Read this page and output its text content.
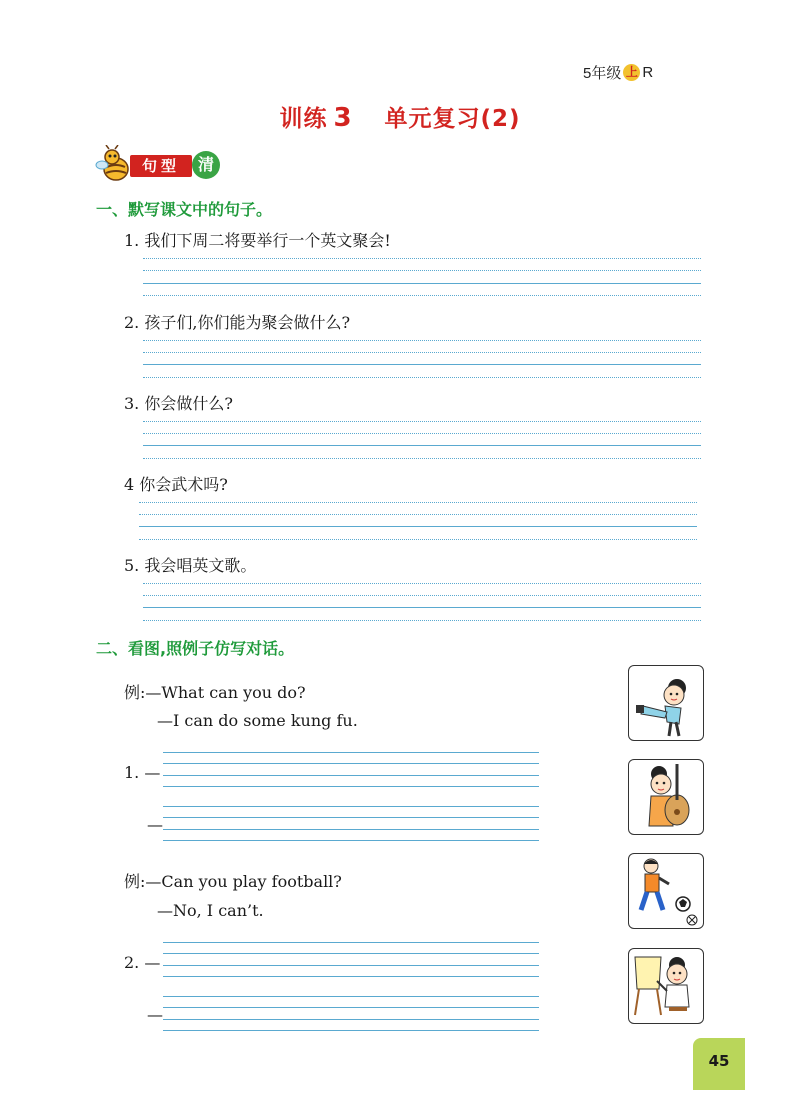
5年级 上 R
训练 3 单元复习(2)
句型	清
一、默写课文中的句子。
1. 我们下周二将要举行一个英文聚会!
2. 孩子们,你们能为聚会做什么?
3. 你会做什么?
4 你会武术吗?
5. 我会唱英文歌。
二、看图,照例子仿写对话。
例:—What can you do?
—I can do some kung fu.
1. —
—
例:—Can you play football?
—No, I can’t.
2. —
—
45
